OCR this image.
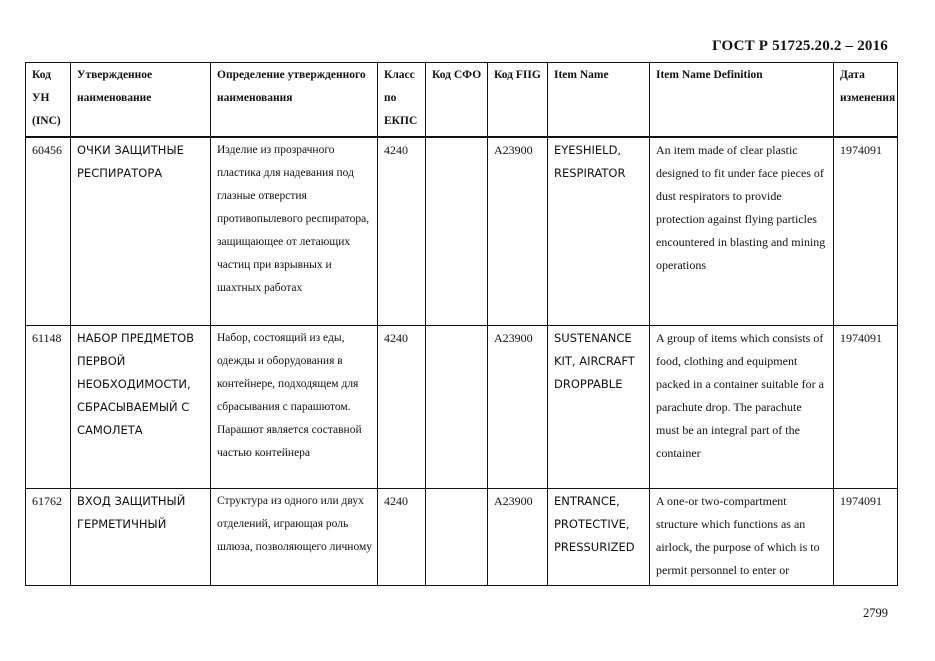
ГОСТ Р 51725.20.2 – 2016
Код УН (INC)	Утвержденное наименование	Определение утвержденного наименования	Класс по ЕКПС	Код СФО	Код FIIG	Item Name	Item Name Definition	Дата изменения
60456	ОЧКИ ЗАЩИТНЫЕ РЕСПИРАТОРА	Изделие из прозрачного пластика для надевания под глазные отверстия противопылевого респиратора, защищающее от летающих частиц при взрывных и шахтных работах	4240		A23900	EYESHIELD, RESPIRATOR	An item made of clear plastic designed to fit under face pieces of dust respirators to provide protection against flying particles encountered in blasting and mining operations	1974091
61148	НАБОР ПРЕДМЕТОВ ПЕРВОЙ НЕОБХОДИМОСТИ, СБРАСЫВАЕМЫЙ С САМОЛЕТА	Набор, состоящий из еды, одежды и оборудования в контейнере, подходящем для сбрасывания с парашютом. Парашют является составной частью контейнера	4240		A23900	SUSTENANCE KIT, AIRCRAFT DROPPABLE	A group of items which consists of food, clothing and equipment packed in a container suitable for a parachute drop. The parachute must be an integral part of the container	1974091
61762	ВХОД ЗАЩИТНЫЙ ГЕРМЕТИЧНЫЙ	Структура из одного или двух отделений, играющая роль шлюза, позволяющего личному	4240		A23900	ENTRANCE, PROTECTIVE, PRESSURIZED	A one-or two-compartment structure which functions as an airlock, the purpose of which is to permit personnel to enter or	1974091
2799
